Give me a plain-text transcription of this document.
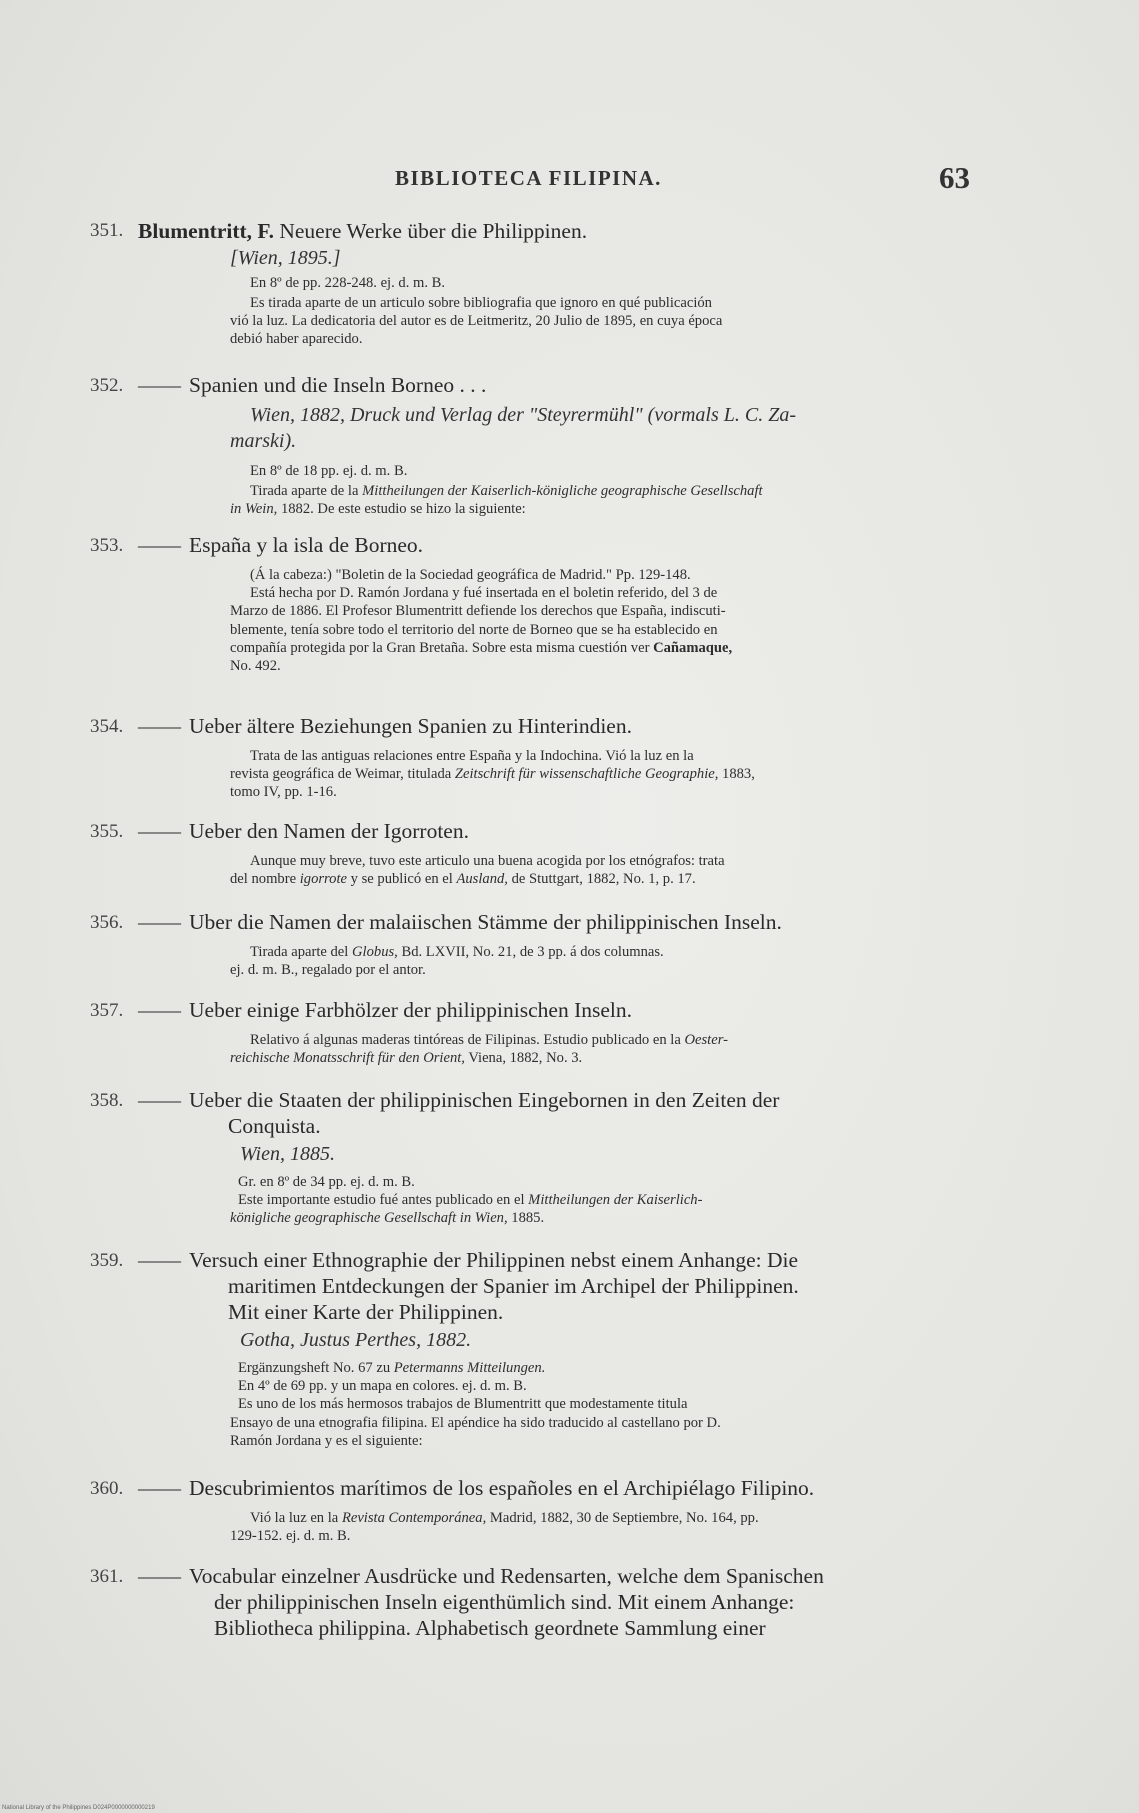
BIBLIOTECA FILIPINA.	63
351. Blumentritt, F. Neuere Werke über die Philippinen.
[Wien, 1895.]
En 8º de pp. 228-248. ej. d. m. B.
Es tirada aparte de un articulo sobre bibliografia que ignoro en qué publicación
vió la luz. La dedicatoria del autor es de Leitmeritz, 20 Julio de 1895, en cuya época
debió haber aparecido.
352. —— Spanien und die Inseln Borneo . . .
Wien, 1882, Druck und Verlag der "Steyrermühl" (vormals L. C. Za-
marski).
En 8º de 18 pp. ej. d. m. B.
Tirada aparte de la Mittheilungen der Kaiserlich-königliche geographische Gesellschaft
in Wein, 1882. De este estudio se hizo la siguiente:
353. —— España y la isla de Borneo.
(Á la cabeza:) "Boletin de la Sociedad geográfica de Madrid." Pp. 129-148.
Está hecha por D. Ramón Jordana y fué insertada en el boletin referido, del 3 de
Marzo de 1886. El Profesor Blumentritt defiende los derechos que España, indiscuti-
blemente, tenía sobre todo el territorio del norte de Borneo que se ha establecido en
compañía protegida por la Gran Bretaña. Sobre esta misma cuestión ver Cañamaque,
No. 492.
354. —— Ueber ältere Beziehungen Spanien zu Hinterindien.
Trata de las antiguas relaciones entre España y la Indochina. Vió la luz en la
revista geográfica de Weimar, titulada Zeitschrift für wissenschaftliche Geographie, 1883,
tomo IV, pp. 1-16.
355. —— Ueber den Namen der Igorroten.
Aunque muy breve, tuvo este articulo una buena acogida por los etnógrafos: trata
del nombre igorrote y se publicó en el Ausland, de Stuttgart, 1882, No. 1, p. 17.
356. —— Uber die Namen der malaiischen Stämme der philippinischen Inseln.
Tirada aparte del Globus, Bd. LXVII, No. 21, de 3 pp. á dos columnas.
ej. d. m. B., regalado por el antor.
357. —— Ueber einige Farbhölzer der philippinischen Inseln.
Relativo á algunas maderas tintóreas de Filipinas. Estudio publicado en la Oester-
reichische Monatsschrift für den Orient, Viena, 1882, No. 3.
358. —— Ueber die Staaten der philippinischen Eingebornen in den Zeiten der
Conquista.
Wien, 1885.
Gr. en 8º de 34 pp. ej. d. m. B.
Este importante estudio fué antes publicado en el Mittheilungen der Kaiserlich-
königliche geographische Gesellschaft in Wien, 1885.
359. —— Versuch einer Ethnographie der Philippinen nebst einem Anhange: Die
maritimen Entdeckungen der Spanier im Archipel der Philippinen.
Mit einer Karte der Philippinen.
Gotha, Justus Perthes, 1882.
Ergänzungsheft No. 67 zu Petermanns Mitteilungen.
En 4º de 69 pp. y un mapa en colores. ej. d. m. B.
Es uno de los más hermosos trabajos de Blumentritt que modestamente titula
Ensayo de una etnografia filipina. El apéndice ha sido traducido al castellano por D.
Ramón Jordana y es el siguiente:
360. —— Descubrimientos marítimos de los españoles en el Archipiélago Filipino.
Vió la luz en la Revista Contemporánea, Madrid, 1882, 30 de Septiembre, No. 164, pp.
129-152. ej. d. m. B.
361. —— Vocabular einzelner Ausdrücke und Redensarten, welche dem Spanischen
der philippinischen Inseln eigenthümlich sind. Mit einem Anhange:
Bibliotheca philippina. Alphabetisch geordnete Sammlung einer
National Library of the Philippines D024P0000000000219
